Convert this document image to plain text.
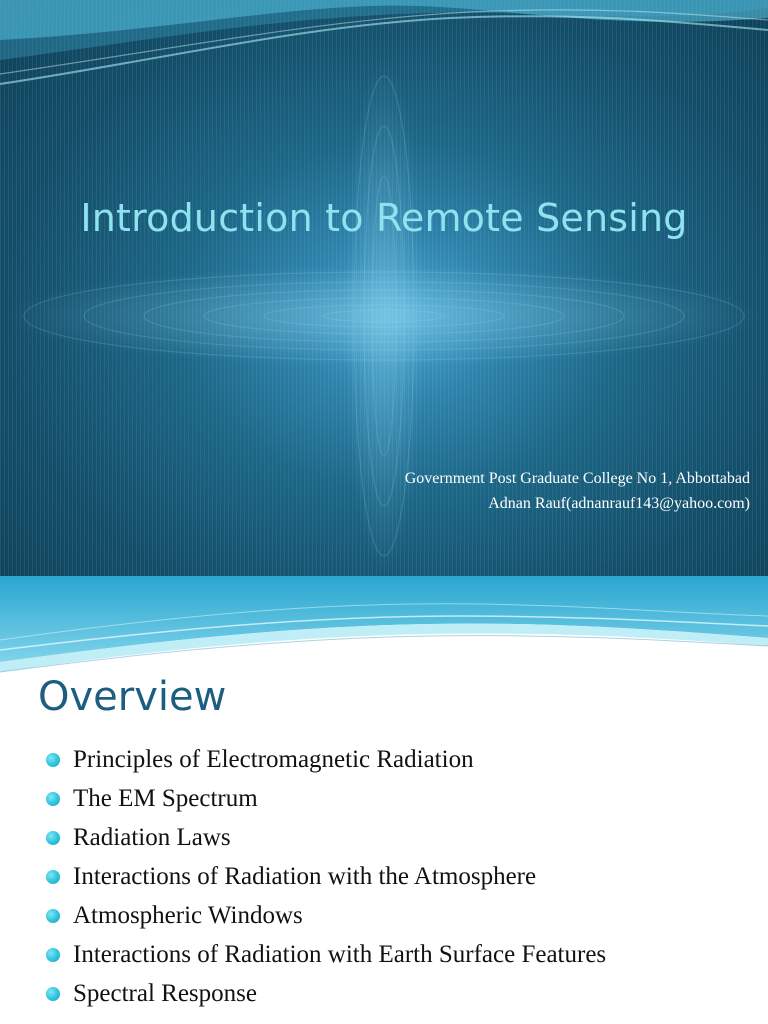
Introduction to Remote Sensing
Government Post Graduate College No 1, Abbottabad
Adnan Rauf(adnanrauf143@yahoo.com)
Overview
Principles of Electromagnetic Radiation
The EM Spectrum
Radiation Laws
Interactions of Radiation with the Atmosphere
Atmospheric Windows
Interactions of Radiation with Earth Surface Features
Spectral Response
